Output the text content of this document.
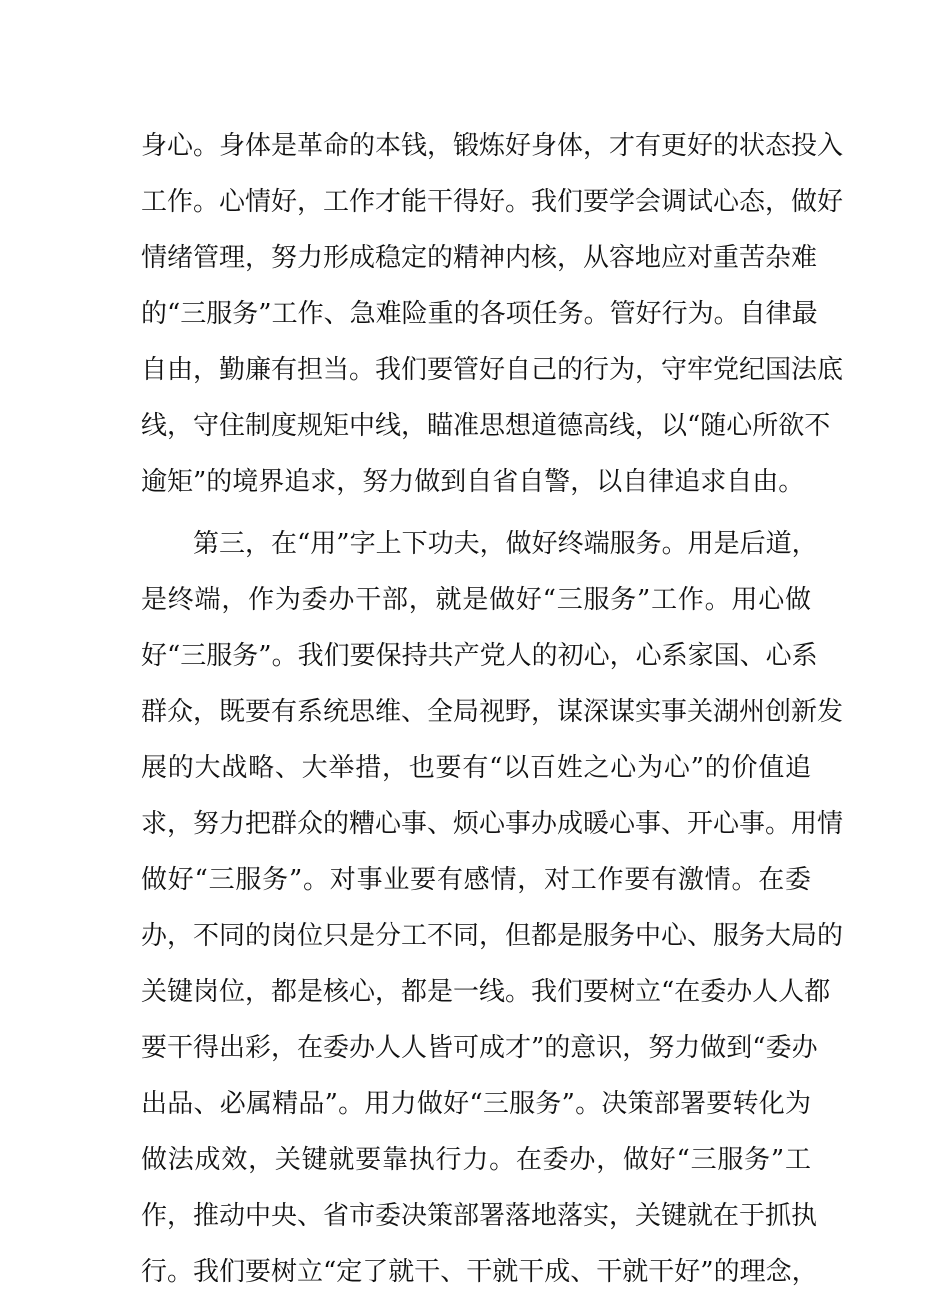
身心。身体是革命的本钱，锻炼好身体，才有更好的状态投入
工作。心情好，工作才能干得好。我们要学会调试心态，做好
情绪管理，努力形成稳定的精神内核，从容地应对重苦杂难
的“三服务”工作、急难险重的各项任务。管好行为。自律最
自由，勤廉有担当。我们要管好自己的行为，守牢党纪国法底
线，守住制度规矩中线，瞄准思想道德高线，以“随心所欲不
逾矩”的境界追求，努力做到自省自警，以自律追求自由。
第三，在“用”字上下功夫，做好终端服务。用是后道，
是终端，作为委办干部，就是做好“三服务”工作。用心做
好“三服务”。我们要保持共产党人的初心，心系家国、心系
群众，既要有系统思维、全局视野，谋深谋实事关湖州创新发
展的大战略、大举措，也要有“以百姓之心为心”的价值追
求，努力把群众的糟心事、烦心事办成暖心事、开心事。用情
做好“三服务”。对事业要有感情，对工作要有激情。在委
办，不同的岗位只是分工不同，但都是服务中心、服务大局的
关键岗位，都是核心，都是一线。我们要树立“在委办人人都
要干得出彩，在委办人人皆可成才”的意识，努力做到“委办
出品、必属精品”。用力做好“三服务”。决策部署要转化为
做法成效，关键就要靠执行力。在委办，做好“三服务”工
作，推动中央、省市委决策部署落地落实，关键就在于抓执
行。我们要树立“定了就干、干就干成、干就干好”的理念，
